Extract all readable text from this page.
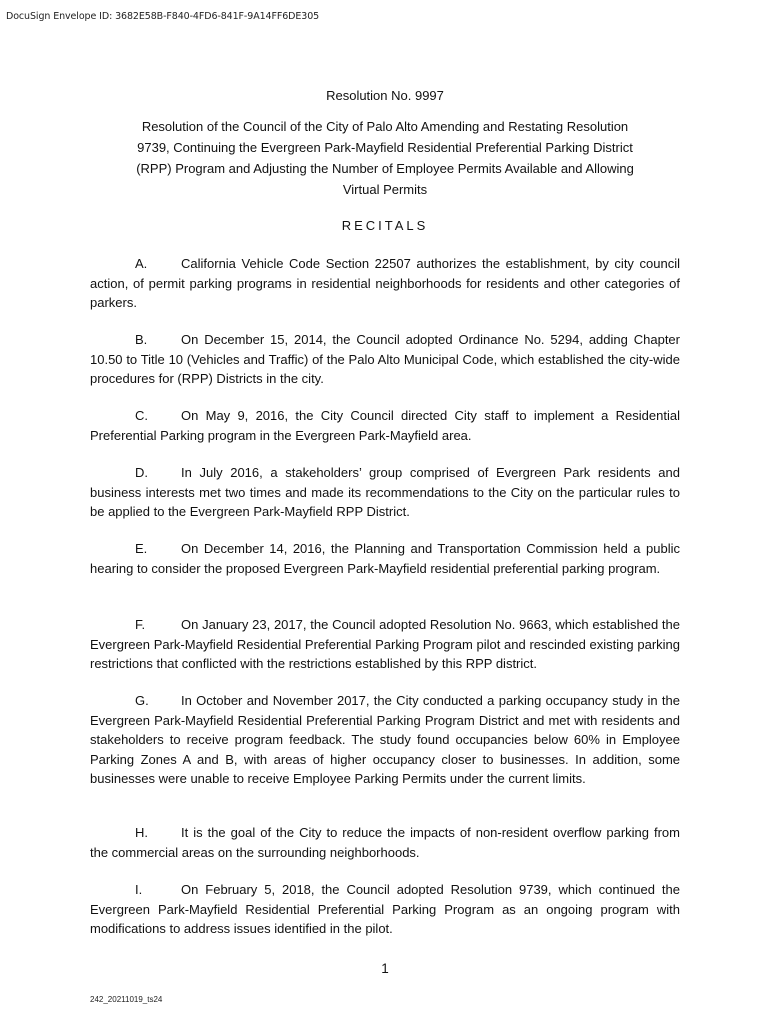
DocuSign Envelope ID: 3682E58B-F840-4FD6-841F-9A14FF6DE305
Resolution No. 9997
Resolution of the Council of the City of Palo Alto Amending and Restating Resolution 9739, Continuing the Evergreen Park-Mayfield Residential Preferential Parking District (RPP) Program and Adjusting the Number of Employee Permits Available and Allowing Virtual Permits
RECITALS
A.	California Vehicle Code Section 22507 authorizes the establishment, by city council action, of permit parking programs in residential neighborhoods for residents and other categories of parkers.
B.	On December 15, 2014, the Council adopted Ordinance No. 5294, adding Chapter 10.50 to Title 10 (Vehicles and Traffic) of the Palo Alto Municipal Code, which established the city-wide procedures for (RPP) Districts in the city.
C.	On May 9, 2016, the City Council directed City staff to implement a Residential Preferential Parking program in the Evergreen Park-Mayfield area.
D.	In July 2016, a stakeholders’ group comprised of Evergreen Park residents and business interests met two times and made its recommendations to the City on the particular rules to be applied to the Evergreen Park-Mayfield RPP District.
E.	On December 14, 2016, the Planning and Transportation Commission held a public hearing to consider the proposed Evergreen Park-Mayfield residential preferential parking program.
F.	On January 23, 2017, the Council adopted Resolution No. 9663, which established the Evergreen Park-Mayfield Residential Preferential Parking Program pilot and rescinded existing parking restrictions that conflicted with the restrictions established by this RPP district.
G. In October and November 2017, the City conducted a parking occupancy study in the Evergreen Park-Mayfield Residential Preferential Parking Program District and met with residents and stakeholders to receive program feedback. The study found occupancies below 60% in Employee Parking Zones A and B, with areas of higher occupancy closer to businesses. In addition, some businesses were unable to receive Employee Parking Permits under the current limits.
H.	It is the goal of the City to reduce the impacts of non-resident overflow parking from the commercial areas on the surrounding neighborhoods.
I.	On February 5, 2018, the Council adopted Resolution 9739, which continued the Evergreen Park-Mayfield Residential Preferential Parking Program as an ongoing program with modifications to address issues identified in the pilot.
1
242_20211019_ts24
